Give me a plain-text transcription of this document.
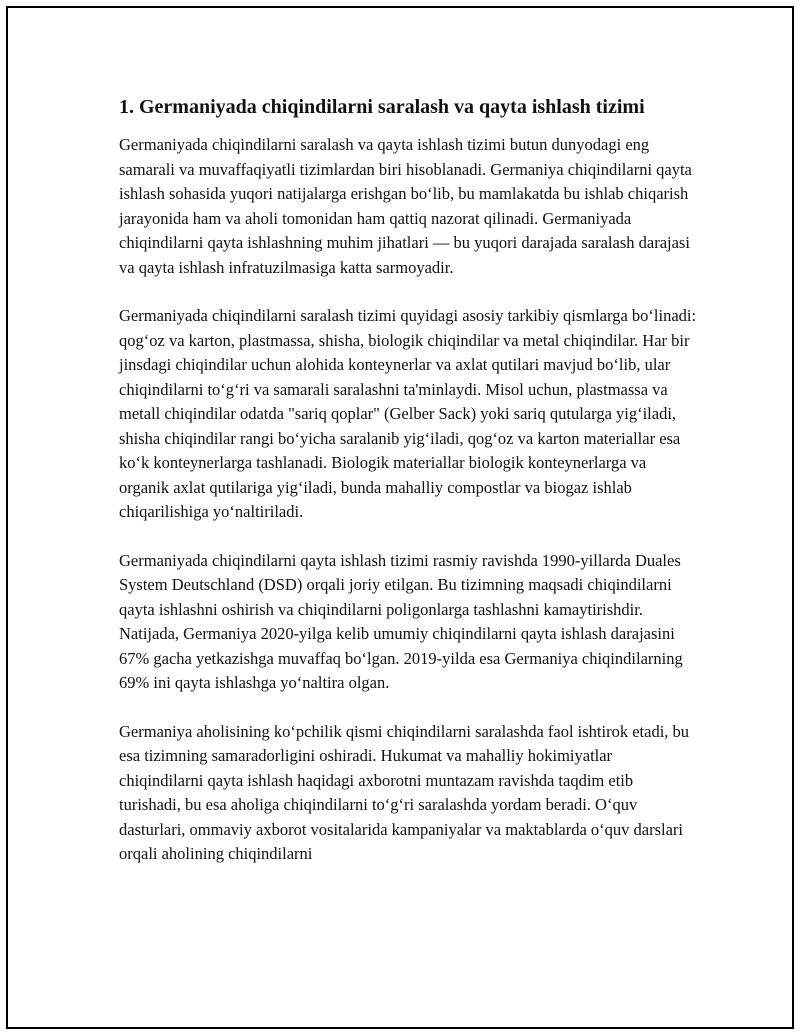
1. Germaniyada chiqindilarni saralash va qayta ishlash tizimi

Germaniyada chiqindilarni saralash va qayta ishlash tizimi butun dunyodagi eng samarali va muvaffaqiyatli tizimlardan biri hisoblanadi. Germaniya chiqindilarni qayta ishlash sohasida yuqori natijalarga erishgan bo‘lib, bu mamlakatda bu ishlab chiqarish jarayonida ham va aholi tomonidan ham qattiq nazorat qilinadi. Germaniyada chiqindilarni qayta ishlashning muhim jihatlari — bu yuqori darajada saralash darajasi va qayta ishlash infratuzilmasiga katta sarmoyadir.

Germaniyada chiqindilarni saralash tizimi quyidagi asosiy tarkibiy qismlarga bo‘linadi: qog‘oz va karton, plastmassa, shisha, biologik chiqindilar va metal chiqindilar. Har bir jinsdagi chiqindilar uchun alohida konteynerlar va axlat qutilari mavjud bo‘lib, ular chiqindilarni to‘g‘ri va samarali saralashni ta'minlaydi. Misol uchun, plastmassa va metall chiqindilar odatda "sariq qoplar" (Gelber Sack) yoki sariq qutularga yig‘iladi, shisha chiqindilar rangi bo‘yicha saralanib yig‘iladi, qog‘oz va karton materiallar esa ko‘k konteynerlarga tashlanadi. Biologik materiallar biologik konteynerlarga va organik axlat qutilariga yig‘iladi, bunda mahalliy compostlar va biogaz ishlab chiqarilishiga yo‘naltiriladi.

Germaniyada chiqindilarni qayta ishlash tizimi rasmiy ravishda 1990-yillarda Duales System Deutschland (DSD) orqali joriy etilgan. Bu tizimning maqsadi chiqindilarni qayta ishlashni oshirish va chiqindilarni poligonlarga tashlashni kamaytirishdir. Natijada, Germaniya 2020-yilga kelib umumiy chiqindilarni qayta ishlash darajasini 67% gacha yetkazishga muvaffaq bo‘lgan. 2019-yilda esa Germaniya chiqindilarning 69% ini qayta ishlashga yo‘naltira olgan.

Germaniya aholisining ko‘pchilik qismi chiqindilarni saralashda faol ishtirok etadi, bu esa tizimning samaradorligini oshiradi. Hukumat va mahalliy hokimiyatlar chiqindilarni qayta ishlash haqidagi axborotni muntazam ravishda taqdim etib turishadi, bu esa aholiga chiqindilarni to‘g‘ri saralashda yordam beradi. O‘quv dasturlari, ommaviy axborot vositalarida kampaniyalar va maktablarda o‘quv darslari orqali aholining chiqindilarni
